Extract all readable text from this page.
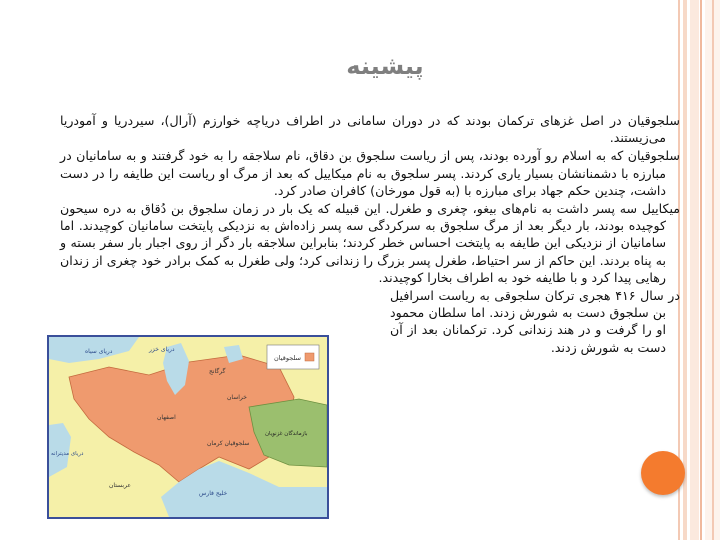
پیشینه

سلجوقیان در اصل غزهای ترکمان بودند که در دوران سامانی در اطراف دریاچه خوارزم (آرال)، سیردریا و آمودریا می‌زیستند.

سلجوقیان که به اسلام رو آورده بودند، پس از ریاست سلجوق بن دقاق، نام سلاجقه را به خود گرفتند و به سامانیان در مبارزه با دشمنانشان بسیار یاری کردند. پسر سلجوق به نام میکاییل که بعد از مرگ او ریاست این طایفه را در دست داشت، چندین حکم جهاد برای مبارزه با (به قول مورخان) کافران صادر کرد.

میکاییل سه پسر داشت به نام‌های بیغو، چغری و طغرل. این قبیله که یک بار در زمان سلجوق بن دُقاق به دره سیحون کوچیده بودند، بار دیگر بعد از مرگ سلجوق به سرکردگی سه پسر زاده‌اش به نزدیکی پایتخت سامانیان کوچیدند. اما سامانیان از نزدیکی این طایفه به پایتخت احساس خطر کردند؛ بنابراین سلاجقه بار دگر از روی اجبار بار سفر بسته و به پناه بردند. این حاکم از سر احتیاط، طغرل پسر بزرگ را زندانی کرد؛ ولی طغرل به کمک برادر خود چغری از زندان رهایی پیدا کرد و با طایفه خود به اطراف بخارا کوچیدند.

در سال ۴۱۶ هجری ترکان سلجوقی به ریاست اسرافیل بن سلجوق دست به شورش زدند. اما سلطان محمود او را گرفت و در هند زندانی کرد. ترکمانان بعد از آن دست به شورش زدند.

سلجوقیان
دریای سیاه	دریای خزر
گرگانج
خراسان
سلجوقیان کرمان
بازماندگان غزنویان
خلیج فارس
دریای مدیترانه
عربستان
اصفهان
